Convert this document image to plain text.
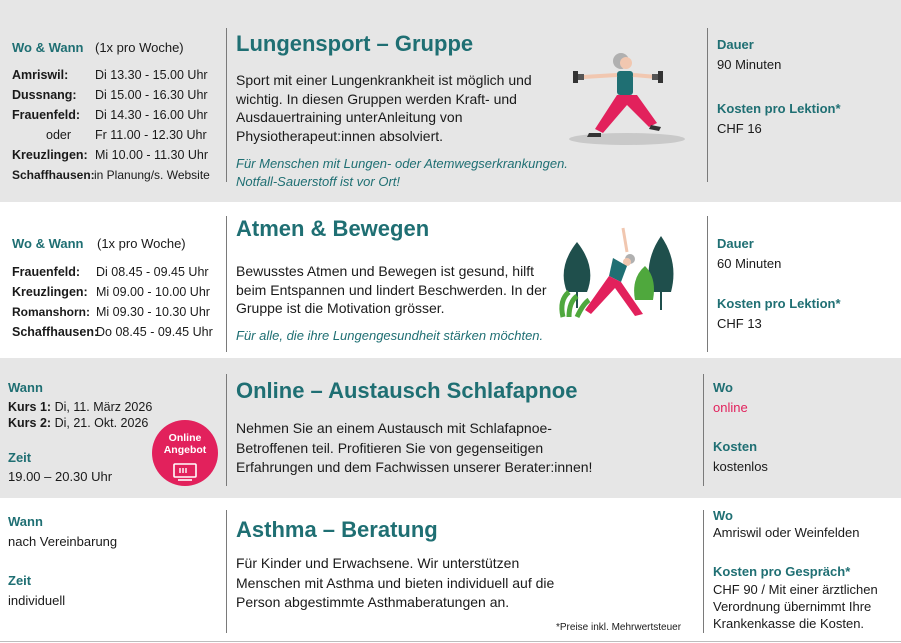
Wo & Wann (1x pro Woche)
Amriswil: Di 13.30 - 15.00 Uhr
Dussnang: Di 15.00 - 16.30 Uhr
Frauenfeld: Di 14.30 - 16.00 Uhr
oder Fr 11.00 - 12.30 Uhr
Kreuzlingen: Mi 10.00 - 11.30 Uhr
Schaffhausen: in Planung/s. Website
Lungensport – Gruppe
Sport mit einer Lungenkrankheit ist möglich und wichtig. In diesen Gruppen werden Kraft- und Ausdauertraining unterAnleitung von Physiotherapeut:innen absolviert.
Für Menschen mit Lungen- oder Atemwegserkrankungen. Notfall-Sauerstoff ist vor Ort!
Dauer
90 Minuten
Kosten pro Lektion*
CHF 16
Wo & Wann (1x pro Woche)
Frauenfeld: Di 08.45 - 09.45 Uhr
Kreuzlingen: Mi 09.00 - 10.00 Uhr
Romanshorn: Mi 09.30 - 10.30 Uhr
Schaffhausen:
Do 08.45 - 09.45 Uhr
Atmen & Bewegen
Bewusstes Atmen und Bewegen ist gesund, hilft beim Entspannen und lindert Beschwerden. In der Gruppe ist die Motivation grösser.
Für alle, die ihre Lungengesundheit stärken möchten.
Dauer
60 Minuten
Kosten pro Lektion*
CHF 13
Wann
Kurs 1: Di, 11. März 2026
Kurs 2: Di, 21. Okt. 2026
Zeit
19.00 – 20.30 Uhr
Online
Angebot
Online – Austausch Schlafapnoe
Nehmen Sie an einem Austausch mit Schlafapnoe-Betroffenen teil. Profitieren Sie von gegenseitigen Erfahrungen und dem Fachwissen unserer Berater:innen!
Wo
online
Kosten
kostenlos
Wann
nach Vereinbarung
Zeit
individuell
Asthma – Beratung
Für Kinder und Erwachsene. Wir unterstützen Menschen mit Asthma und bieten individuell auf die Person abgestimmte Asthmaberatungen an.
*Preise inkl. Mehrwertsteuer
Wo
Amriswil oder Weinfelden
Kosten pro Gespräch*
CHF 90 / Mit einer ärztlichen Verordnung übernimmt Ihre Krankenkasse die Kosten.
